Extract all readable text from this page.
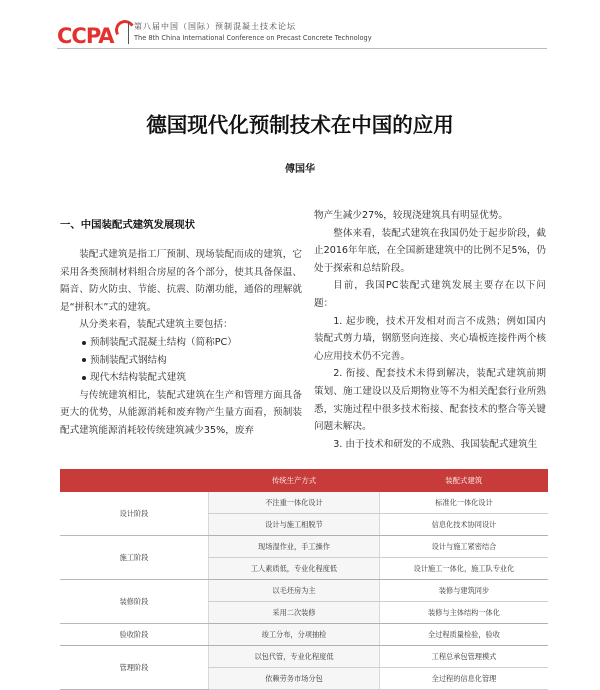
CCPA	第八届中国（国际）预制混凝土技术论坛
The 8th China International Conference on Precast Concrete Technology
德国现代化预制技术在中国的应用
傅国华
一、中国装配式建筑发展现状

装配式建筑是指工厂预制、现场装配而成的建筑，它采用各类预制材料组合房屋的各个部分，使其具备保温、隔音、防火防虫、节能、抗震、防潮功能，通俗的理解就是“拼积木”式的建筑。

从分类来看，装配式建筑主要包括：

预制装配式混凝土结构（简称PC）
预制装配式钢结构
现代木结构装配式建筑

与传统建筑相比，装配式建筑在生产和管理方面具备更大的优势，从能源消耗和废弃物产生量方面看，预制装配式建筑能源消耗较传统建筑减少35%，废弃

物产生减少27%，较现浇建筑具有明显优势。

整体来看，装配式建筑在我国仍处于起步阶段，截止2016年年底，在全国新建建筑中的比例不足5%，仍处于探索和总结阶段。

目前，我国PC装配式建筑发展主要存在以下问题：

1. 起步晚，技术开发相对而言不成熟；例如国内装配式剪力墙，钢筋竖向连接、夹心墙板连接件两个核心应用技术仍不完善。

2. 衔接、配套技术未得到解决，装配式建筑前期策划、施工建设以及后期物业等不为相关配套行业所熟悉，实施过程中很多技术衔接、配套技术的整合等关键问题未解决。

3. 由于技术和研发的不成熟、我国装配式建筑生

	传统生产方式	装配式建筑
设计阶段	不注重一体化设计	标准化一体化设计
	设计与施工相脱节	信息化技术协同设计
施工阶段	现场湿作业，手工操作	设计与施工紧密结合
	工人素质低，专业化程度低	设计施工一体化，施工队专业化
装修阶段	以毛坯房为主	装修与建筑同步
	采用二次装修	装修与主体结构一体化
验收阶段	竣工分布，分项抽检	全过程质量检验，验收
管理阶段	以包代管，专业化程度低	工程总承包管理模式
	依赖劳务市场分包	全过程的信息化管理
